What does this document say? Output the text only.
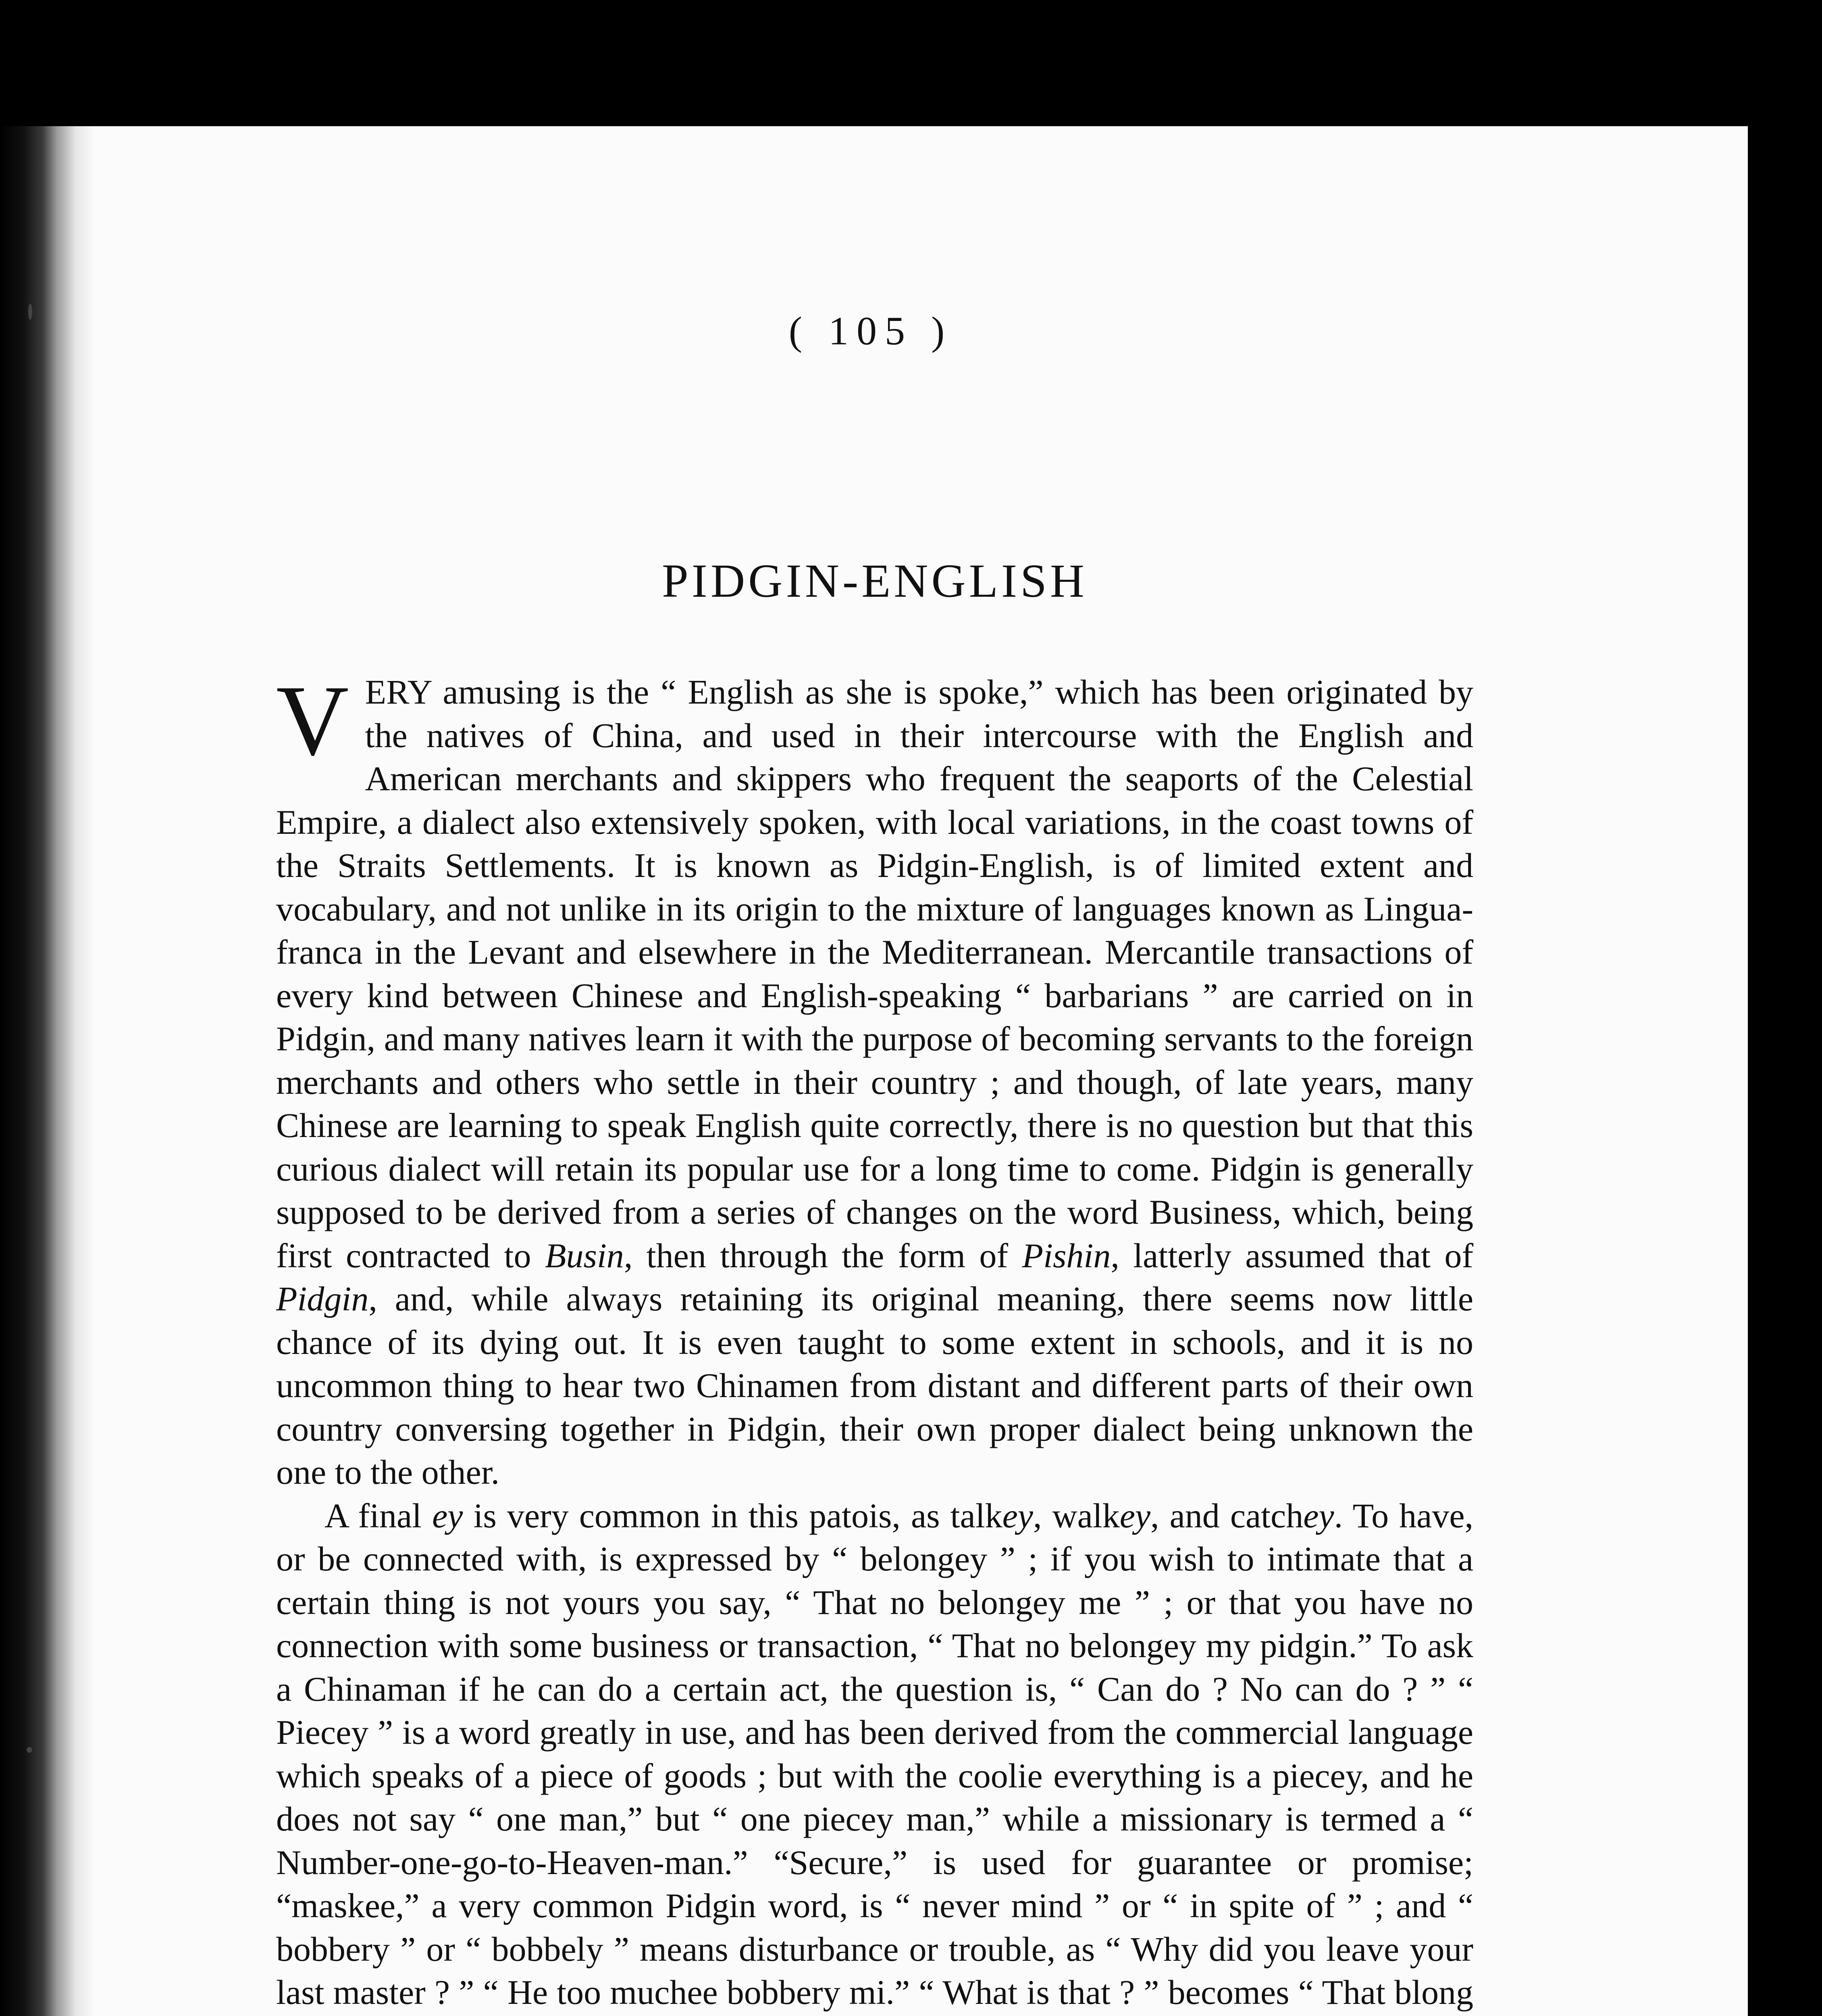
( 105 )
PIDGIN-ENGLISH

VERY amusing is the “ English as she is spoke,” which has been originated by the natives of China, and used in their intercourse with the English and American merchants and skippers who frequent the seaports of the Celestial Empire, a dialect also extensively spoken, with local variations, in the coast towns of the Straits Settlements. It is known as Pidgin-English, is of limited extent and vocabulary, and not unlike in its origin to the mixture of languages known as Lingua-franca in the Levant and elsewhere in the Mediterranean. Mercantile transactions of every kind between Chinese and English-speaking “ barbarians ” are carried on in Pidgin, and many natives learn it with the purpose of becoming servants to the foreign merchants and others who settle in their country ; and though, of late years, many Chinese are learning to speak English quite correctly, there is no question but that this curious dialect will retain its popular use for a long time to come. Pidgin is generally supposed to be derived from a series of changes on the word Business, which, being first contracted to Busin, then through the form of Pishin, latterly assumed that of Pidgin, and, while always retaining its original meaning, there seems now little chance of its dying out. It is even taught to some extent in schools, and it is no uncommon thing to hear two Chinamen from distant and different parts of their own country conversing together in Pidgin, their own proper dialect being unknown the one to the other.

A final ey is very common in this patois, as talkey, walkey, and catchey. To have, or be connected with, is expressed by “ belongey ” ; if you wish to intimate that a certain thing is not yours you say, “ That no belongey me ” ; or that you have no connection with some business or transaction, “ That no belongey my pidgin.” To ask a Chinaman if he can do a certain act, the question is, “ Can do ? No can do ? ” “ Piecey ” is a word greatly in use, and has been derived from the commercial language which speaks of a piece of goods ; but with the coolie everything is a piecey, and he does not say “ one man,” but “ one piecey man,” while a missionary is termed a “ Number-one-go-to-Heaven-man.” “Secure,” is used for guarantee or promise; “maskee,” a very common Pidgin word, is “ never mind ” or “ in spite of ” ; and “ bobbery ” or “ bobbely ” means disturbance or trouble, as “ Why did you leave your last master ? ” “ He too muchee bobbery mi.” “ What is that ? ” becomes “ That blong
